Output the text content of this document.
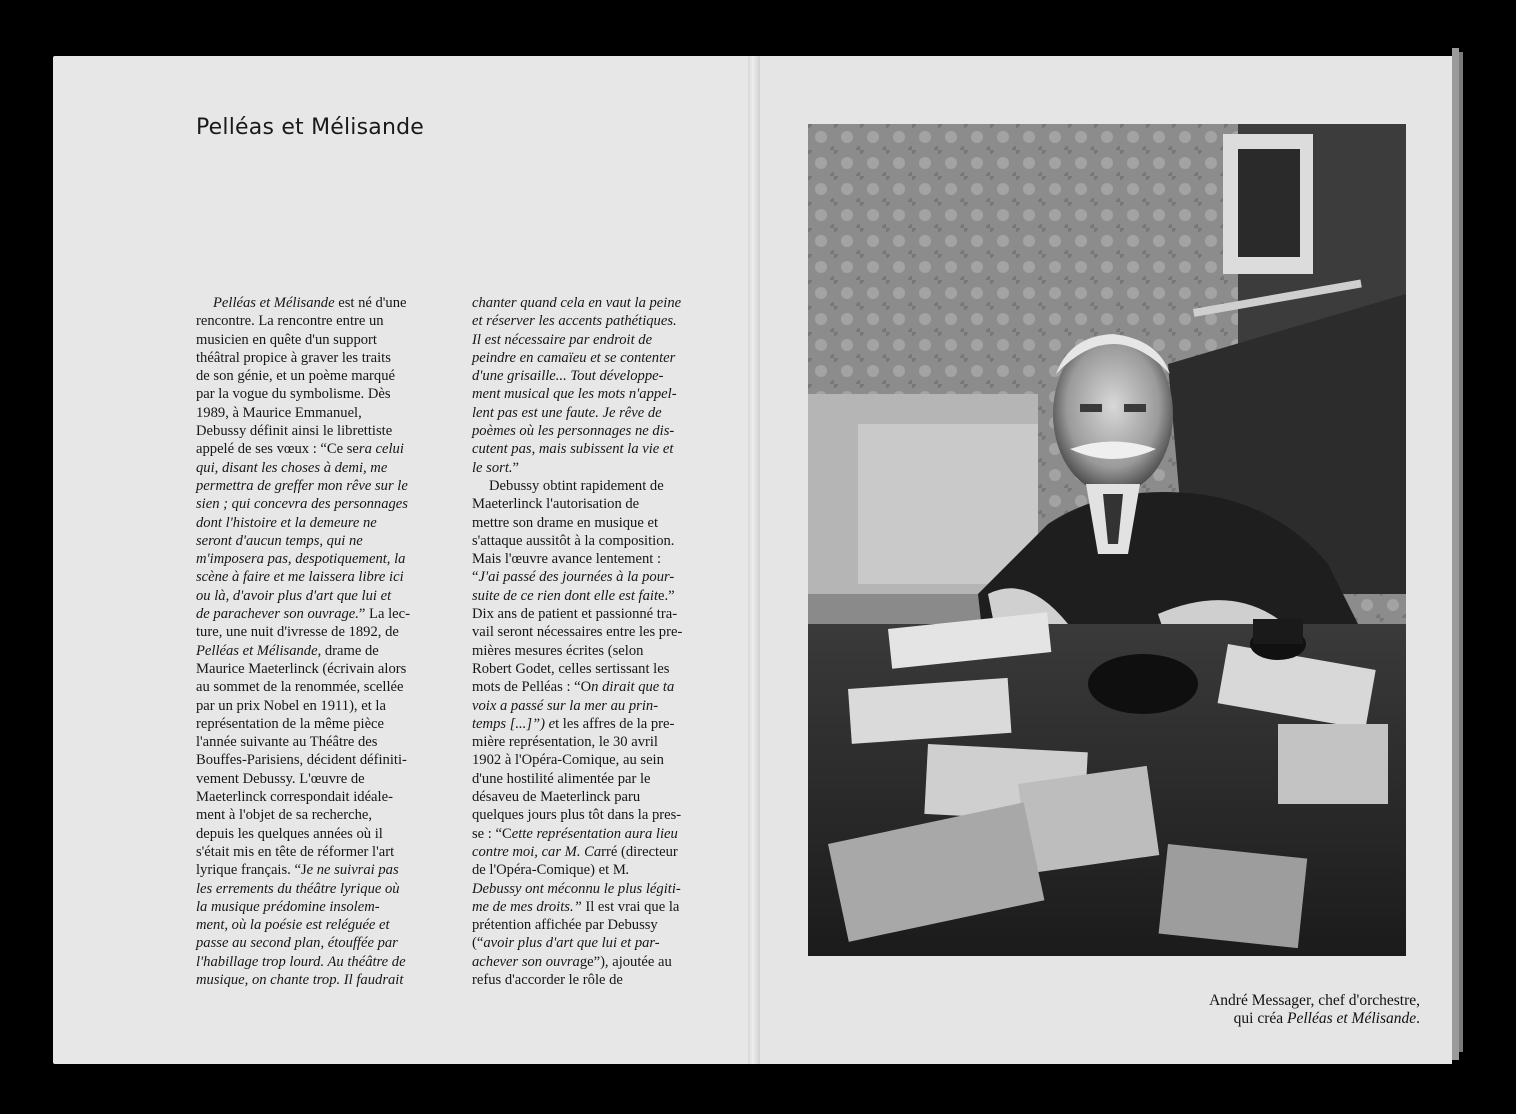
Pelléas et Mélisande
Pelléas et Mélisande est né d'une
rencontre. La rencontre entre un
musicien en quête d'un support
théâtral propice à graver les traits
de son génie, et un poème marqué
par la vogue du symbolisme. Dès
1989, à Maurice Emmanuel,
Debussy définit ainsi le librettiste
appelé de ses vœux : “Ce sera celui
qui, disant les choses à demi, me
permettra de greffer mon rêve sur le
sien ; qui concevra des personnages
dont l'histoire et la demeure ne
seront d'aucun temps, qui ne
m'imposera pas, despotiquement, la
scène à faire et me laissera libre ici
ou là, d'avoir plus d'art que lui et
de parachever son ouvrage.” La lec-
ture, une nuit d'ivresse de 1892, de
Pelléas et Mélisande, drame de
Maurice Maeterlinck (écrivain alors
au sommet de la renommée, scellée
par un prix Nobel en 1911), et la
représentation de la même pièce
l'année suivante au Théâtre des
Bouffes-Parisiens, décident définiti-
vement Debussy. L'œuvre de
Maeterlinck correspondait idéale-
ment à l'objet de sa recherche,
depuis les quelques années où il
s'était mis en tête de réformer l'art
lyrique français. “Je ne suivrai pas
les errements du théâtre lyrique où
la musique prédomine insolem-
ment, où la poésie est reléguée et
passe au second plan, étouffée par
l'habillage trop lourd. Au théâtre de
musique, on chante trop. Il faudrait
chanter quand cela en vaut la peine
et réserver les accents pathétiques.
Il est nécessaire par endroit de
peindre en camaïeu et se contenter
d'une grisaille... Tout développe-
ment musical que les mots n'appel-
lent pas est une faute. Je rêve de
poèmes où les personnages ne dis-
cutent pas, mais subissent la vie et
le sort.”
Debussy obtint rapidement de
Maeterlinck l'autorisation de
mettre son drame en musique et
s'attaque aussitôt à la composition.
Mais l'œuvre avance lentement :
“J'ai passé des journées à la pour-
suite de ce rien dont elle est faite.”
Dix ans de patient et passionné tra-
vail seront nécessaires entre les pre-
mières mesures écrites (selon
Robert Godet, celles sertissant les
mots de Pelléas : “On dirait que ta
voix a passé sur la mer au prin-
temps [...]”) et les affres de la pre-
mière représentation, le 30 avril
1902 à l'Opéra-Comique, au sein
d'une hostilité alimentée par le
désaveu de Maeterlinck paru
quelques jours plus tôt dans la pres-
se : “Cette représentation aura lieu
contre moi, car M. Carré (directeur
de l'Opéra-Comique) et M.
Debussy ont méconnu le plus légiti-
me de mes droits.” Il est vrai que la
prétention affichée par Debussy
(“avoir plus d'art que lui et par-
achever son ouvrage”), ajoutée au
refus d'accorder le rôle de
André Messager, chef d'orchestre,
qui créa Pelléas et Mélisande.
